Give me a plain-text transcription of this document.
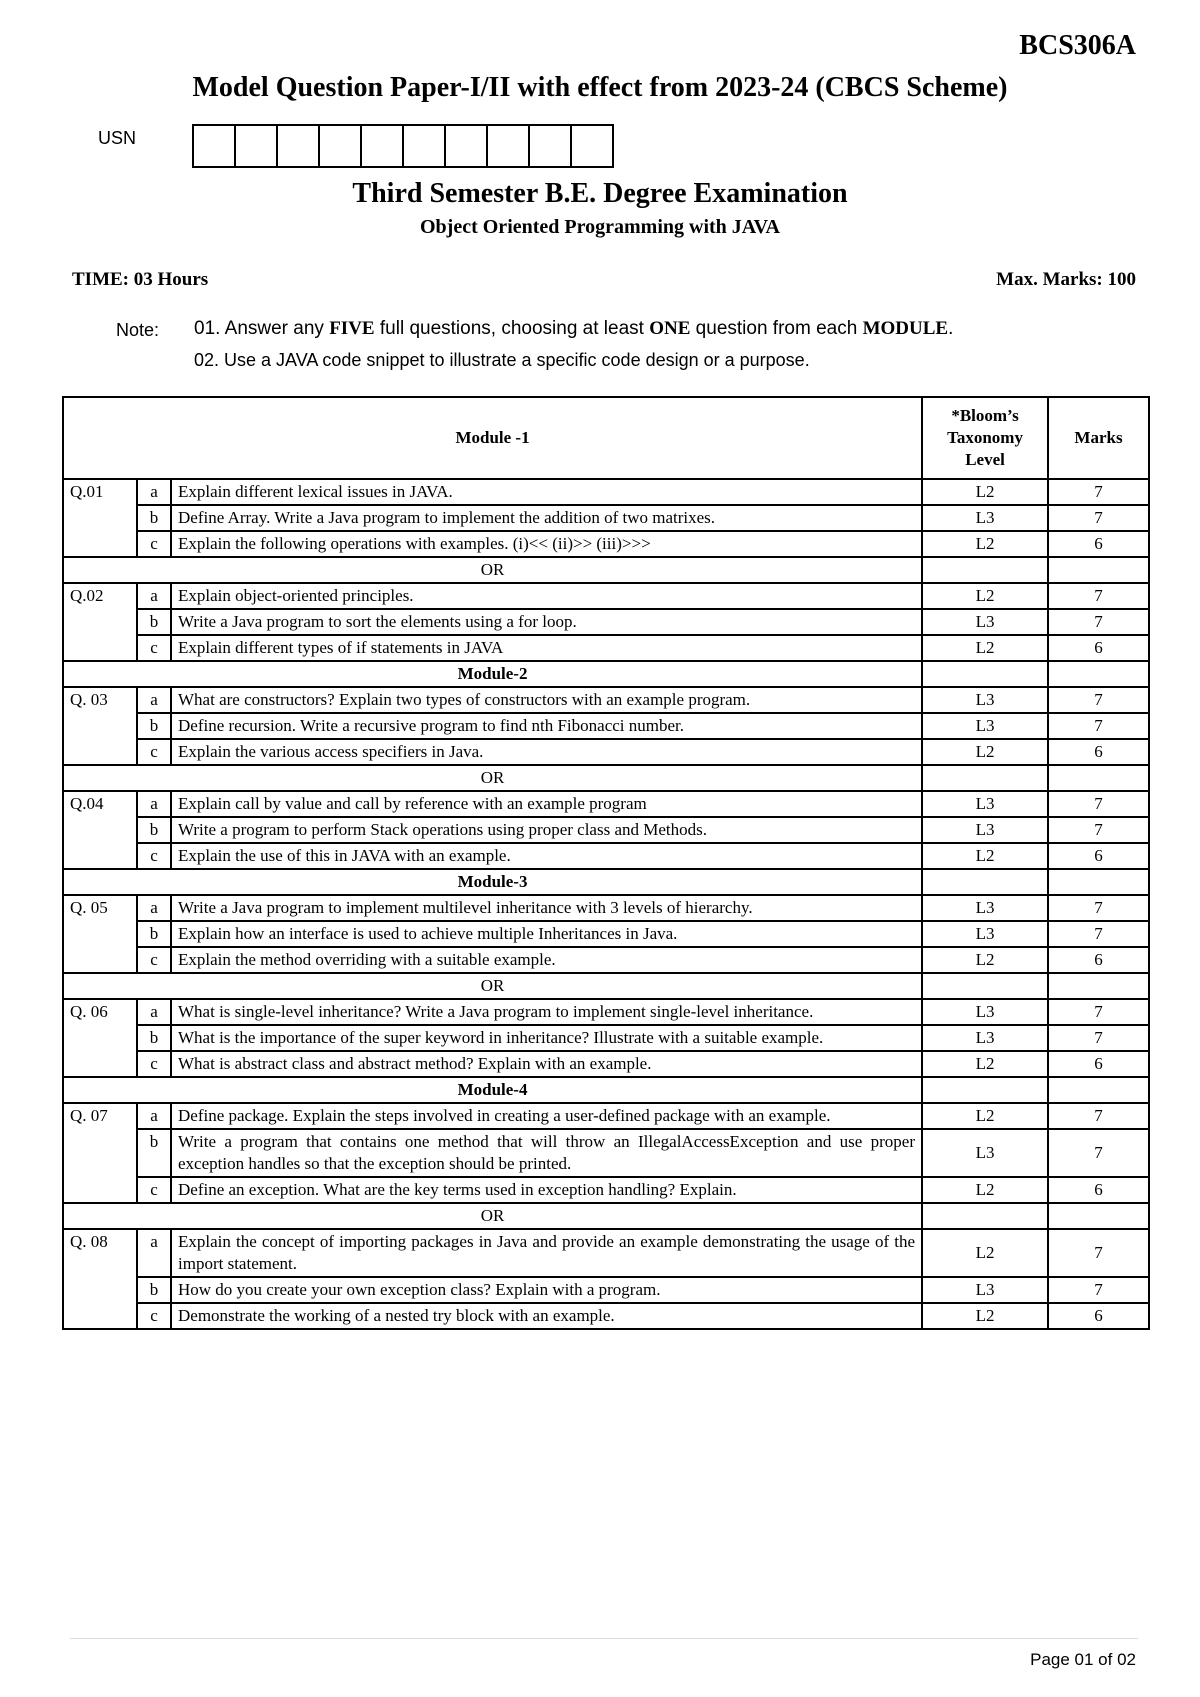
BCS306A
Model Question Paper-I/II with effect from 2023-24 (CBCS Scheme)
USN
Third Semester B.E. Degree Examination
Object Oriented Programming with JAVA
TIME: 03 Hours	Max. Marks: 100
Note: 01. Answer any FIVE full questions, choosing at least ONE question from each MODULE.
02. Use a JAVA code snippet to illustrate a specific code design or a purpose.
Module -1			*Bloom’s Taxonomy Level	Marks
Q.01	a	Explain different lexical issues in JAVA.	L2	7
	b	Define Array. Write a Java program to implement the addition of two matrixes.	L3	7
	c	Explain the following operations with examples. (i)<< (ii)>> (iii)>>>	L2	6
OR				
Q.02	a	Explain object-oriented principles.	L2	7
	b	Write a Java program to sort the elements using a for loop.	L3	7
	c	Explain different types of if statements in JAVA	L2	6
Module-2				
Q. 03	a	What are constructors? Explain two types of constructors with an example program.	L3	7
	b	Define recursion. Write a recursive program to find nth Fibonacci number.	L3	7
	c	Explain the various access specifiers in Java.	L2	6
OR				
Q.04	a	Explain call by value and call by reference with an example program	L3	7
	b	Write a program to perform Stack operations using proper class and Methods.	L3	7
	c	Explain the use of this in JAVA with an example.	L2	6
Module-3				
Q. 05	a	Write a Java program to implement multilevel inheritance with 3 levels of hierarchy.	L3	7
	b	Explain how an interface is used to achieve multiple Inheritances in Java.	L3	7
	c	Explain the method overriding with a suitable example.	L2	6
OR				
Q. 06	a	What is single-level inheritance? Write a Java program to implement single-level inheritance.	L3	7
	b	What is the importance of the super keyword in inheritance? Illustrate with a suitable example.	L3	7
	c	What is abstract class and abstract method? Explain with an example.	L2	6
Module-4				
Q. 07	a	Define package. Explain the steps involved in creating a user-defined package with an example.	L2	7
	b	Write a program that contains one method that will throw an IllegalAccessException and use proper exception handles so that the exception should be printed.	L3	7
	c	Define an exception. What are the key terms used in exception handling? Explain.	L2	6
OR				
Q. 08	a	Explain the concept of importing packages in Java and provide an example demonstrating the usage of the import statement.	L2	7
	b	How do you create your own exception class? Explain with a program.	L3	7
	c	Demonstrate the working of a nested try block with an example.	L2	6
Page 01 of 02
